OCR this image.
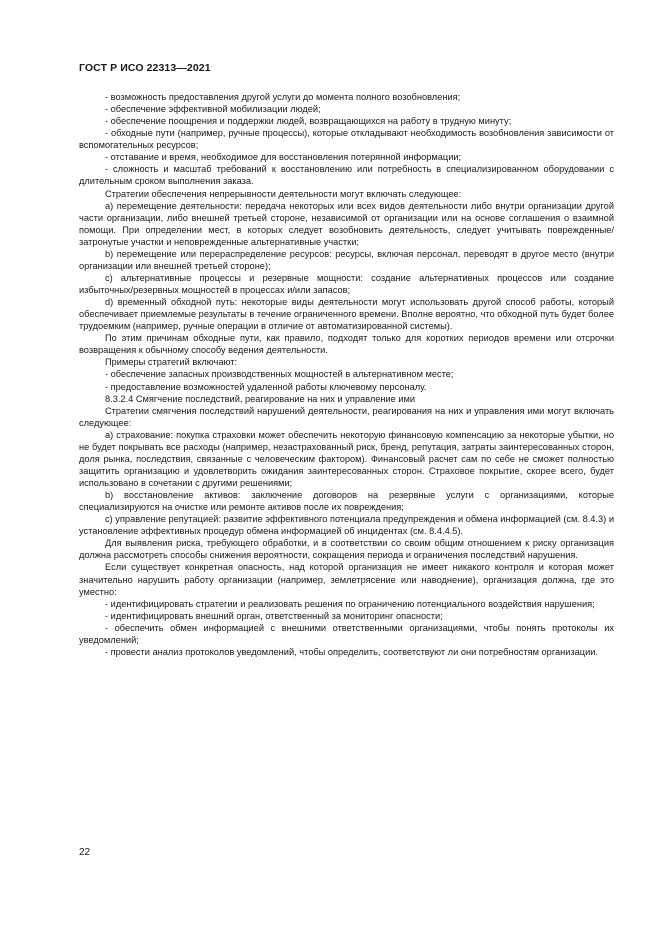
ГОСТ Р ИСО 22313—2021

- возможность предоставления другой услуги до момента полного возобновления;

- обеспечение эффективной мобилизации людей;

- обеспечение поощрения и поддержки людей, возвращающихся на работу в трудную минуту;

- обходные пути (например, ручные процессы), которые откладывают необходимость возобновления зависимости от вспомогательных ресурсов;

- отставание и время, необходимое для восстановления потерянной информации;

- сложность и масштаб требований к восстановлению или потребность в специализированном оборудовании с длительным сроком выполнения заказа.

Стратегии обеспечения непрерывности деятельности могут включать следующее:

a) перемещение деятельности: передача некоторых или всех видов деятельности либо внутри организации другой части организации, либо внешней третьей стороне, независимой от организации или на основе соглашения о взаимной помощи. При определении мест, в которых следует возобновить деятельность, следует учитывать поврежденные/затронутые участки и неповрежденные альтернативные участки;

b) перемещение или перераспределение ресурсов: ресурсы, включая персонал, переводят в другое место (внутри организации или внешней третьей стороне);

c) альтернативные процессы и резервные мощности: создание альтернативных процессов или создание избыточных/резервных мощностей в процессах и/или запасов;

d) временный обходной путь: некоторые виды деятельности могут использовать другой способ работы, который обеспечивает приемлемые результаты в течение ограниченного времени. Вполне вероятно, что обходной путь будет более трудоемким (например, ручные операции в отличие от автоматизированной системы).

По этим причинам обходные пути, как правило, подходят только для коротких периодов времени или отсрочки возвращения к обычному способу ведения деятельности.

Примеры стратегий включают:

- обеспечение запасных производственных мощностей в альтернативном месте;

- предоставление возможностей удаленной работы ключевому персоналу.

8.3.2.4 Смягчение последствий, реагирование на них и управление ими

Стратегии смягчения последствий нарушений деятельности, реагирования на них и управления ими могут включать следующее:

a) страхование: покупка страховки может обеспечить некоторую финансовую компенсацию за некоторые убытки, но не будет покрывать все расходы (например, незастрахованный риск, бренд, репутация, затраты заинтересованных сторон, доля рынка, последствия, связанные с человеческим фактором). Финансовый расчет сам по себе не сможет полностью защитить организацию и удовлетворить ожидания заинтересованных сторон. Страховое покрытие, скорее всего, будет использовано в сочетании с другими решениями;

b) восстановление активов: заключение договоров на резервные услуги с организациями, которые специализируются на очистке или ремонте активов после их повреждения;

c) управление репутацией: развитие эффективного потенциала предупреждения и обмена информацией (см. 8.4.3) и установление эффективных процедур обмена информацией об инцидентах (см. 8.4.4.5).

Для выявления риска, требующего обработки, и в соответствии со своим общим отношением к риску организация должна рассмотреть способы снижения вероятности, сокращения периода и ограничения последствий нарушения.

Если существует конкретная опасность, над которой организация не имеет никакого контроля и которая может значительно нарушить работу организации (например, землетрясение или наводнение), организация должна, где это уместно:

- идентифицировать стратегии и реализовать решения по ограничению потенциального воздействия нарушения;

- идентифицировать внешний орган, ответственный за мониторинг опасности;

- обеспечить обмен информацией с внешними ответственными организациями, чтобы понять протоколы их уведомлений;

- провести анализ протоколов уведомлений, чтобы определить, соответствуют ли они потребностям организации.

22
